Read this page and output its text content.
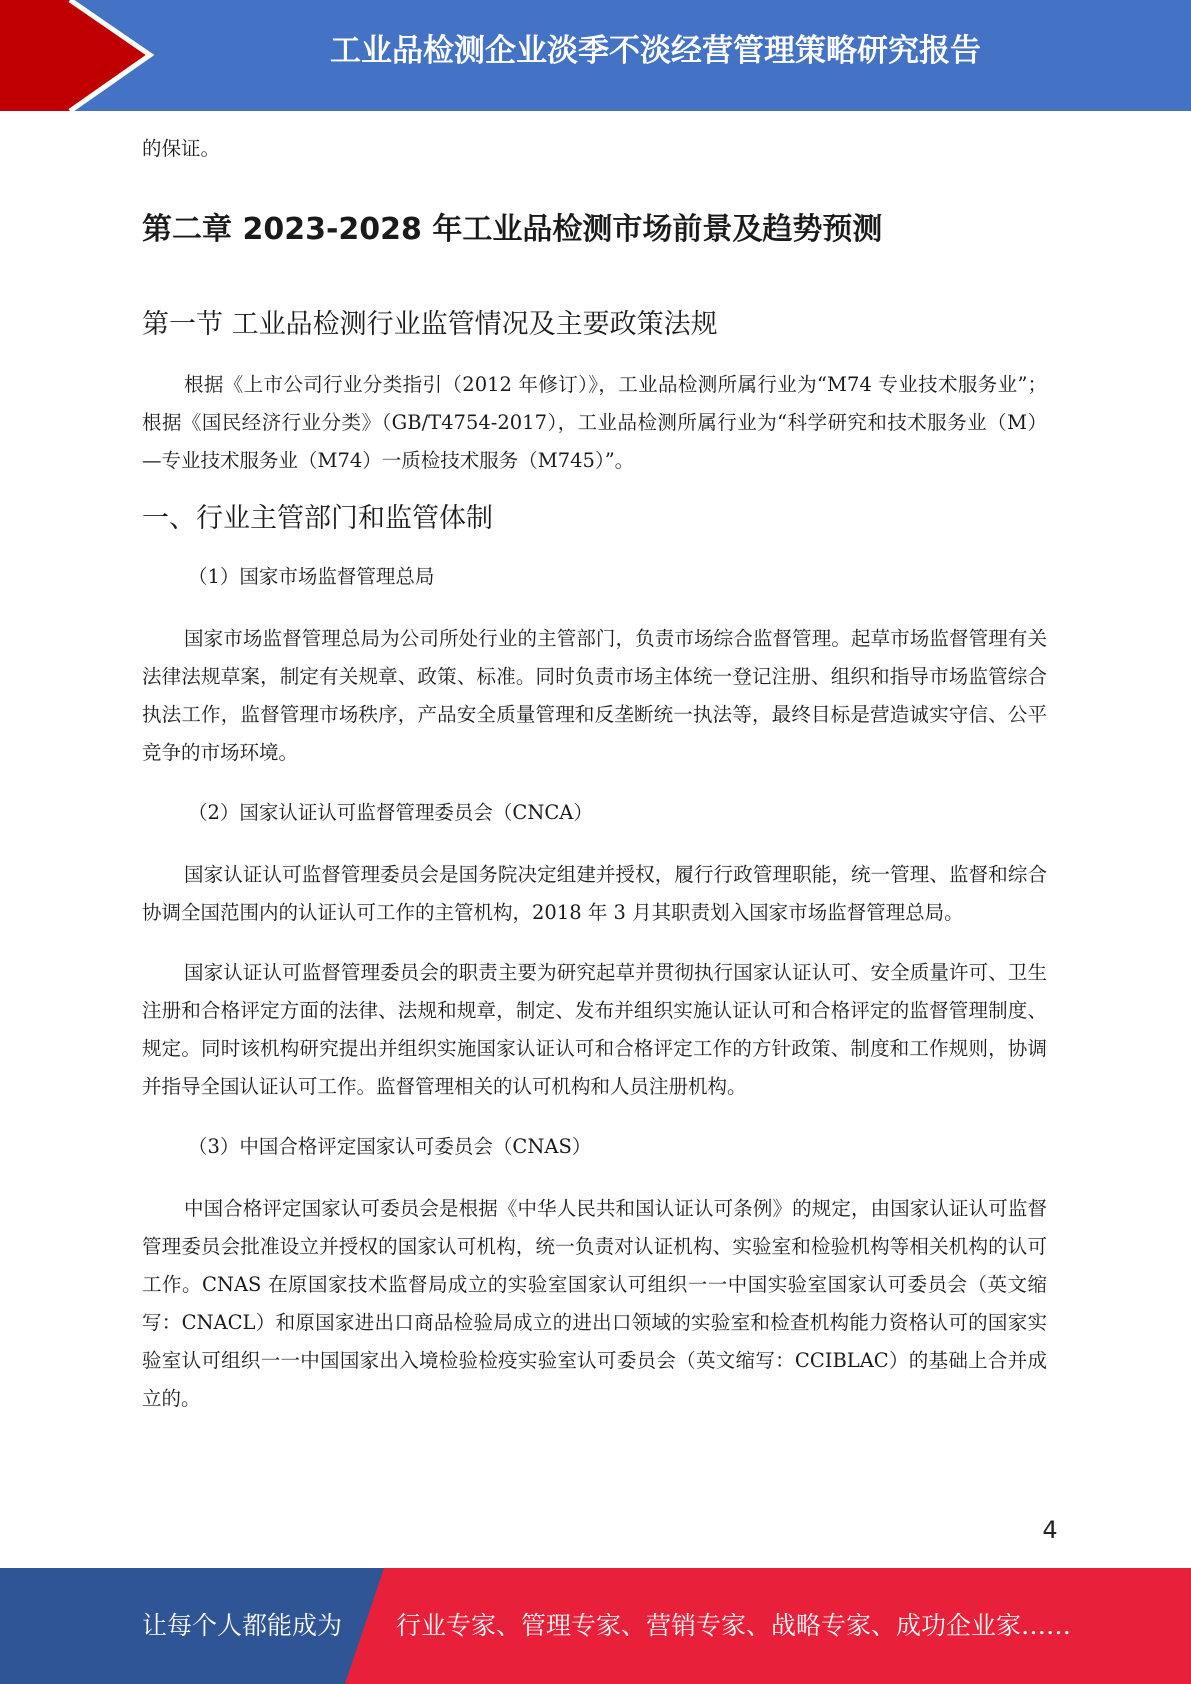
工业品检测企业淡季不淡经营管理策略研究报告

的保证。

第二章 2023-2028 年工业品检测市场前景及趋势预测
第一节 工业品检测行业监管情况及主要政策法规

根据《上市公司行业分类指引（2012 年修订）》，工业品检测所属行业为“M74 专业技术服务业”；根据《国民经济行业分类》（GB/T4754-2017），工业品检测所属行业为“科学研究和技术服务业（M）—专业技术服务业（M74）一质检技术服务（M745）”。

一、行业主管部门和监管体制

（1）国家市场监督管理总局

国家市场监督管理总局为公司所处行业的主管部门，负责市场综合监督管理。起草市场监督管理有关法律法规草案，制定有关规章、政策、标准。同时负责市场主体统一登记注册、组织和指导市场监管综合执法工作，监督管理市场秩序，产品安全质量管理和反垄断统一执法等，最终目标是营造诚实守信、公平竞争的市场环境。

（2）国家认证认可监督管理委员会（CNCA）

国家认证认可监督管理委员会是国务院决定组建并授权，履行行政管理职能，统一管理、监督和综合协调全国范围内的认证认可工作的主管机构，2018 年 3 月其职责划入国家市场监督管理总局。

国家认证认可监督管理委员会的职责主要为研究起草并贯彻执行国家认证认可、安全质量许可、卫生注册和合格评定方面的法律、法规和规章，制定、发布并组织实施认证认可和合格评定的监督管理制度、规定。同时该机构研究提出并组织实施国家认证认可和合格评定工作的方针政策、制度和工作规则，协调并指导全国认证认可工作。监督管理相关的认可机构和人员注册机构。

（3）中国合格评定国家认可委员会（CNAS）

中国合格评定国家认可委员会是根据《中华人民共和国认证认可条例》的规定，由国家认证认可监督管理委员会批准设立并授权的国家认可机构，统一负责对认证机构、实验室和检验机构等相关机构的认可工作。CNAS 在原国家技术监督局成立的实验室国家认可组织一一中国实验室国家认可委员会（英文缩写：CNACL）和原国家进出口商品检验局成立的进出口领域的实验室和检查机构能力资格认可的国家实验室认可组织一一中国国家出入境检验检疫实验室认可委员会（英文缩写：CCIBLAC）的基础上合并成立的。

4
让每个人都能成为 行业专家、管理专家、营销专家、战略专家、成功企业家……
